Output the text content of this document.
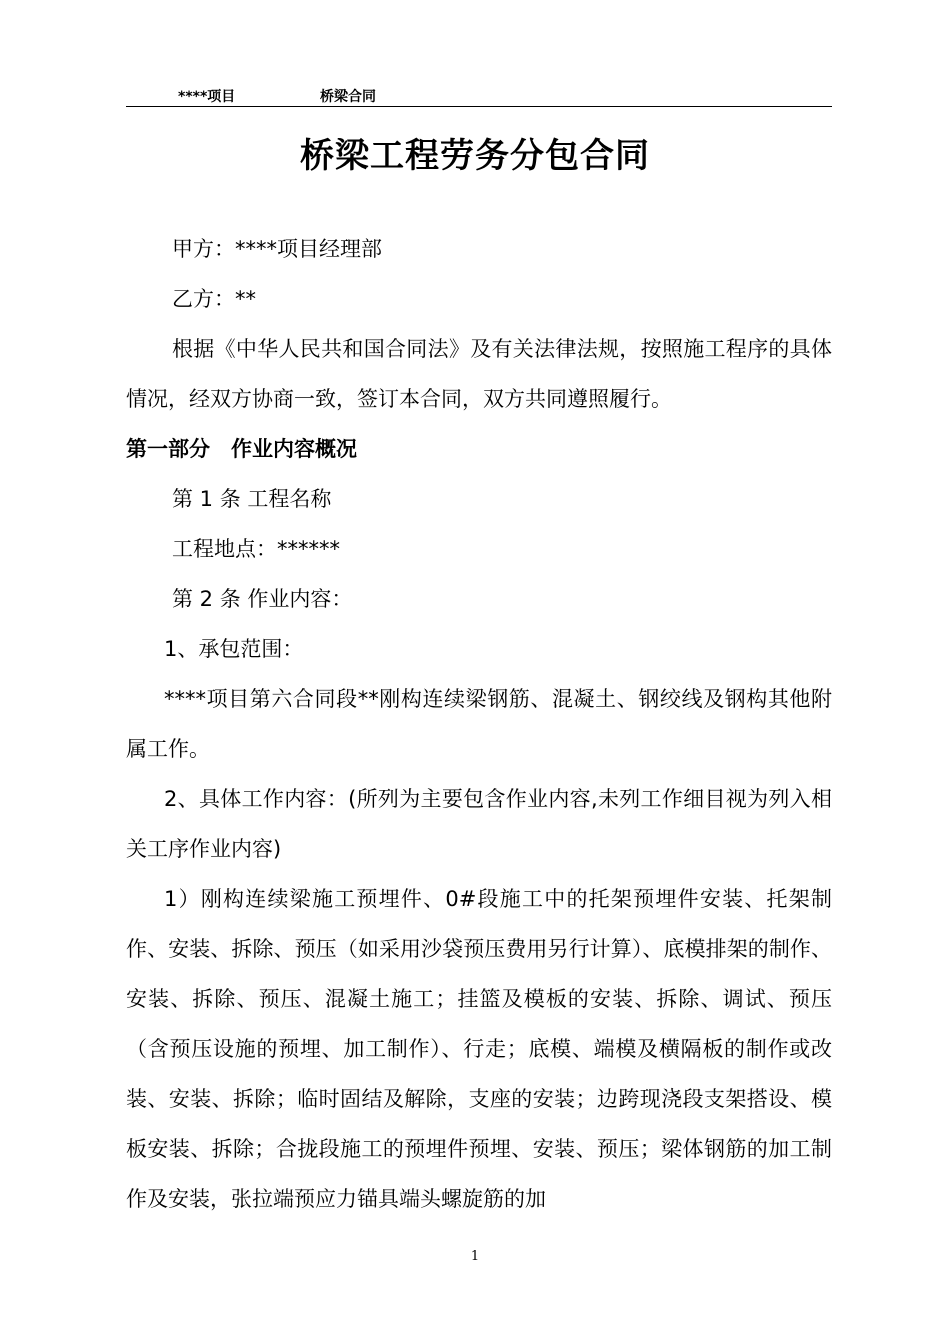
****项目	桥梁合同
桥梁工程劳务分包合同

甲方：****项目经理部

乙方：**

根据《中华人民共和国合同法》及有关法律法规，按照施工程序的具体情况，经双方协商一致，签订本合同，双方共同遵照履行。

第一部分　作业内容概况

第 1 条 工程名称

工程地点：******

第 2 条 作业内容：

1、承包范围：

****项目第六合同段**刚构连续梁钢筋、混凝土、钢绞线及钢构其他附属工作。

2、具体工作内容：(所列为主要包含作业内容,未列工作细目视为列入相关工序作业内容)

1）刚构连续梁施工预埋件、0#段施工中的托架预埋件安装、托架制作、安装、拆除、预压（如采用沙袋预压费用另行计算）、底模排架的制作、安装、拆除、预压、混凝土施工；挂篮及模板的安装、拆除、调试、预压（含预压设施的预埋、加工制作）、行走；底模、端模及横隔板的制作或改装、安装、拆除；临时固结及解除，支座的安装；边跨现浇段支架搭设、模板安装、拆除；合拢段施工的预埋件预埋、安装、预压；梁体钢筋的加工制作及安装，张拉端预应力锚具端头螺旋筋的加

1
